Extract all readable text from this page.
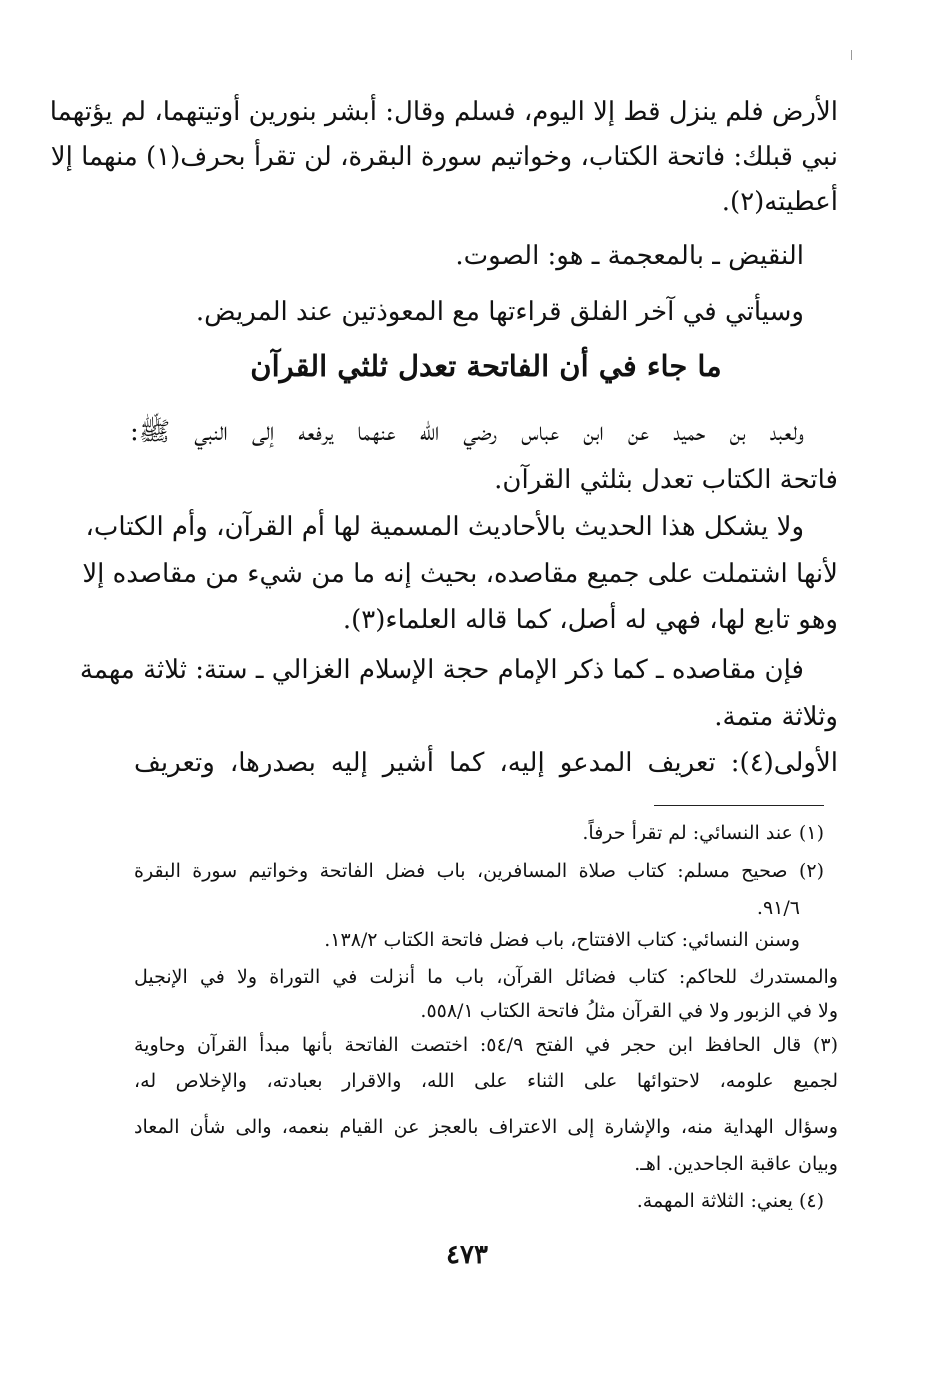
الأرض فلم ينزل قط إلا اليوم، فسلم وقال: أبشر بنورين أوتيتهما، لم يؤتهما
نبي قبلك: فاتحة الكتاب، وخواتيم سورة البقرة، لن تقرأ بحرف(١) منهما إلا
أعطيته(٢).
النقيض ـ بالمعجمة ـ هو: الصوت.
وسيأتي في آخر الفلق قراءتها مع المعوذتين عند المريض.
ما جاء في أن الفاتحة تعدل ثلثي القرآن
ولعبد بن حميد عن ابن عباس رضي الله عنهما يرفعه إلى النبي ﷺ:
فاتحة الكتاب تعدل بثلثي القرآن.
ولا يشكل هذا الحديث بالأحاديث المسمية لها أم القرآن، وأم الكتاب،
لأنها اشتملت على جميع مقاصده، بحيث إنه ما من شيء من مقاصده إلا
وهو تابع لها، فهي له أصل، كما قاله العلماء(٣).
فإن مقاصده ـ كما ذكر الإمام حجة الإسلام الغزالي ـ ستة: ثلاثة مهمة
وثلاثة متمة.
الأولى(٤): تعريف المدعو إليه، كما أشير إليه بصدرها، وتعريف
(١) عند النسائي: لم تقرأ حرفاً.
(٢) صحيح مسلم: كتاب صلاة المسافرين، باب فضل الفاتحة وخواتيم سورة البقرة
٩١/٦.
وسنن النسائي: كتاب الافتتاح، باب فضل فاتحة الكتاب ١٣٨/٢.
والمستدرك للحاكم: كتاب فضائل القرآن، باب ما أنزلت في التوراة ولا في الإنجيل
ولا في الزبور ولا في القرآن مثلُ فاتحة الكتاب ٥٥٨/١.
(٣) قال الحافظ ابن حجر في الفتح ٥٤/٩: اختصت الفاتحة بأنها مبدأ القرآن وحاوية
لجميع علومه، لاحتوائها على الثناء على الله، والاقرار بعبادته، والإخلاص له،
وسؤال الهداية منه، والإشارة إلى الاعتراف بالعجز عن القيام بنعمه، والى شأن المعاد
وبيان عاقبة الجاحدين. اهـ.
(٤) يعني: الثلاثة المهمة.
٤٧٣
